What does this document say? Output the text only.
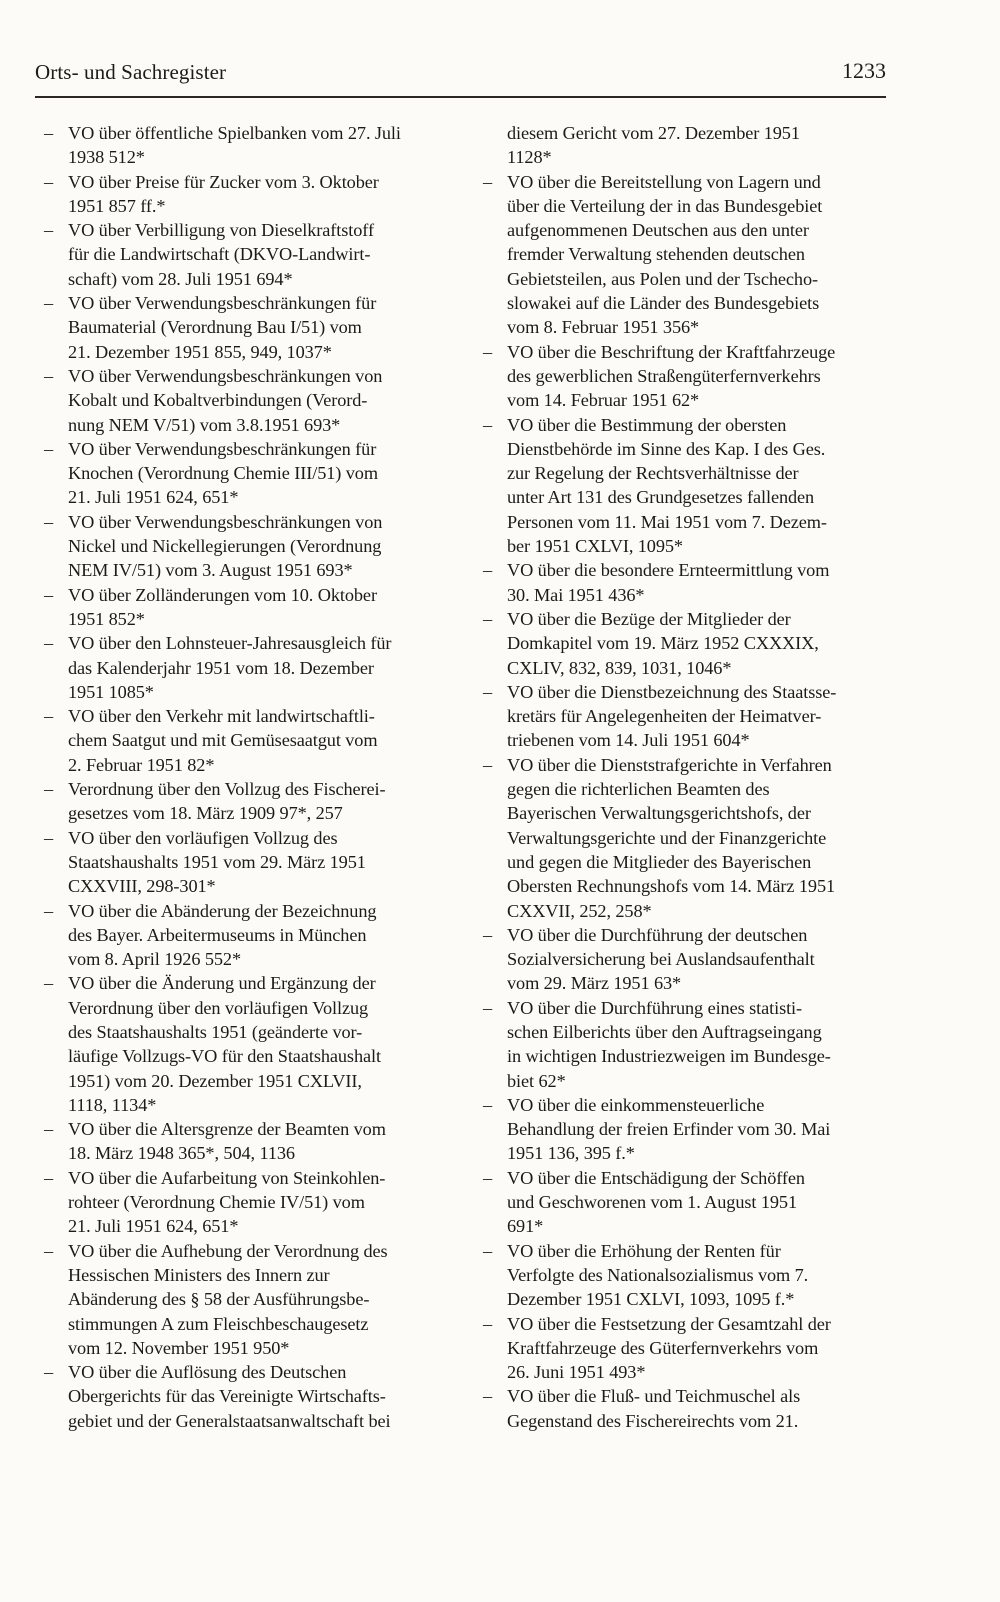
Orts- und Sachregister	1233
– VO über öffentliche Spielbanken vom 27. Juli
1938 512*
– VO über Preise für Zucker vom 3. Oktober
1951 857 ff.*
– VO über Verbilligung von Dieselkraftstoff
für die Landwirtschaft (DKVO-Landwirt-
schaft) vom 28. Juli 1951 694*
– VO über Verwendungsbeschränkungen für
Baumaterial (Verordnung Bau I/51) vom
21. Dezember 1951 855, 949, 1037*
– VO über Verwendungsbeschränkungen von
Kobalt und Kobaltverbindungen (Verord-
nung NEM V/51) vom 3.8.1951 693*
– VO über Verwendungsbeschränkungen für
Knochen (Verordnung Chemie III/51) vom
21. Juli 1951 624, 651*
– VO über Verwendungsbeschränkungen von
Nickel und Nickellegierungen (Verordnung
NEM IV/51) vom 3. August 1951 693*
– VO über Zolländerungen vom 10. Oktober
1951 852*
– VO über den Lohnsteuer-Jahresausgleich für
das Kalenderjahr 1951 vom 18. Dezember
1951 1085*
– VO über den Verkehr mit landwirtschaftli-
chem Saatgut und mit Gemüsesaatgut vom
2. Februar 1951 82*
– Verordnung über den Vollzug des Fischerei-
gesetzes vom 18. März 1909 97*, 257
– VO über den vorläufigen Vollzug des
Staatshaushalts 1951 vom 29. März 1951
CXXVIII, 298-301*
– VO über die Abänderung der Bezeichnung
des Bayer. Arbeitermuseums in München
vom 8. April 1926 552*
– VO über die Änderung und Ergänzung der
Verordnung über den vorläufigen Vollzug
des Staatshaushalts 1951 (geänderte vor-
läufige Vollzugs-VO für den Staatshaushalt
1951) vom 20. Dezember 1951 CXLVII,
1118, 1134*
– VO über die Altersgrenze der Beamten vom
18. März 1948 365*, 504, 1136
– VO über die Aufarbeitung von Steinkohlen-
rohteer (Verordnung Chemie IV/51) vom
21. Juli 1951 624, 651*
– VO über die Aufhebung der Verordnung des
Hessischen Ministers des Innern zur
Abänderung des § 58 der Ausführungsbe-
stimmungen A zum Fleischbeschaugesetz
vom 12. November 1951 950*
– VO über die Auflösung des Deutschen
Obergerichts für das Vereinigte Wirtschafts-
gebiet und der Generalstaatsanwaltschaft bei
diesem Gericht vom 27. Dezember 1951
1128*
– VO über die Bereitstellung von Lagern und
über die Verteilung der in das Bundesgebiet
aufgenommenen Deutschen aus den unter
fremder Verwaltung stehenden deutschen
Gebietsteilen, aus Polen und der Tschecho-
slowakei auf die Länder des Bundesgebiets
vom 8. Februar 1951 356*
– VO über die Beschriftung der Kraftfahrzeuge
des gewerblichen Straßengüterfernverkehrs
vom 14. Februar 1951 62*
– VO über die Bestimmung der obersten
Dienstbehörde im Sinne des Kap. I des Ges.
zur Regelung der Rechtsverhältnisse der
unter Art 131 des Grundgesetzes fallenden
Personen vom 11. Mai 1951 vom 7. Dezem-
ber 1951 CXLVI, 1095*
– VO über die besondere Ernteermittlung vom
30. Mai 1951 436*
– VO über die Bezüge der Mitglieder der
Domkapitel vom 19. März 1952 CXXXIX,
CXLIV, 832, 839, 1031, 1046*
– VO über die Dienstbezeichnung des Staatsse-
kretärs für Angelegenheiten der Heimatver-
triebenen vom 14. Juli 1951 604*
– VO über die Dienststrafgerichte in Verfahren
gegen die richterlichen Beamten des
Bayerischen Verwaltungsgerichtshofs, der
Verwaltungsgerichte und der Finanzgerichte
und gegen die Mitglieder des Bayerischen
Obersten Rechnungshofs vom 14. März 1951
CXXVII, 252, 258*
– VO über die Durchführung der deutschen
Sozialversicherung bei Auslandsaufenthalt
vom 29. März 1951 63*
– VO über die Durchführung eines statisti-
schen Eilberichts über den Auftragseingang
in wichtigen Industriezweigen im Bundesge-
biet 62*
– VO über die einkommensteuerliche
Behandlung der freien Erfinder vom 30. Mai
1951 136, 395 f.*
– VO über die Entschädigung der Schöffen
und Geschworenen vom 1. August 1951
691*
– VO über die Erhöhung der Renten für
Verfolgte des Nationalsozialismus vom 7.
Dezember 1951 CXLVI, 1093, 1095 f.*
– VO über die Festsetzung der Gesamtzahl der
Kraftfahrzeuge des Güterfernverkehrs vom
26. Juni 1951 493*
– VO über die Fluß- und Teichmuschel als
Gegenstand des Fischereirechts vom 21.
